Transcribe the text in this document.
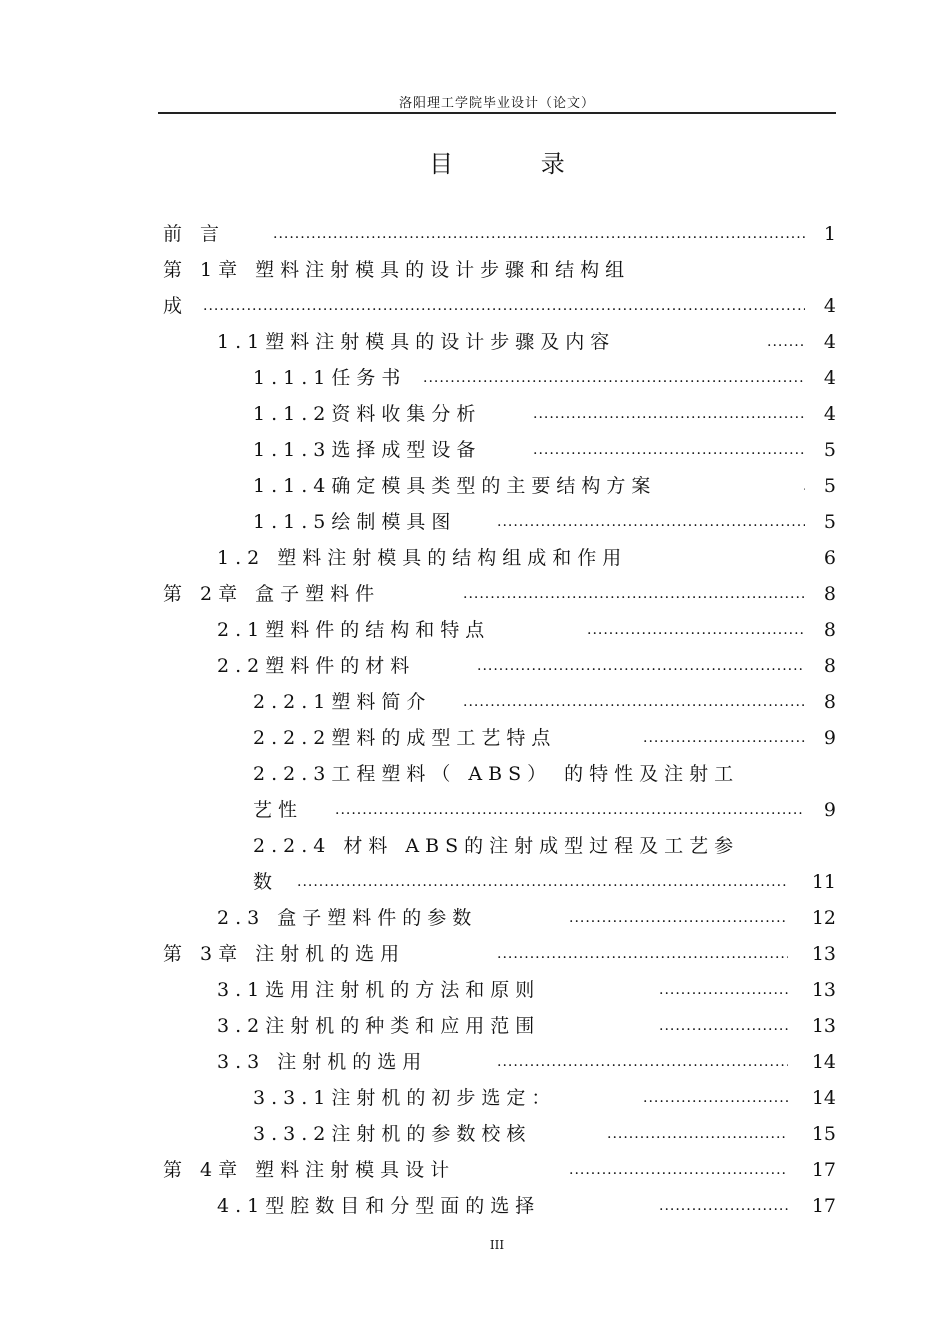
洛阳理工学院毕业设计（论文）
目 录
前 言 .....	1
第 1章 塑料注射模具的设计步骤和结构组
成 .....	4
1.1塑料注射模具的设计步骤及内容 .....	4
1.1.1任务书 .....	4
1.1.2资料收集分析 .....	4
1.1.3选择成型设备 .....	5
1.1.4确定模具类型的主要结构方案 .....	5
1.1.5绘制模具图 .....	5
1.2 塑料注射模具的结构组成和作用	6
第 2章 盒子塑料件 .....	8
2.1塑料件的结构和特点 .....	8
2.2塑料件的材料 .....	8
2.2.1塑料简介 .....	8
2.2.2塑料的成型工艺特点 .....	9
2.2.3工程塑料（ ABS） 的特性及注射工
艺性 .....	9
2.2.4 材料 ABS的注射成型过程及工艺参
数 .....	11
2.3 盒子塑料件的参数 .....	12
第 3章 注射机的选用 .....	13
3.1选用注射机的方法和原则 .....	13
3.2注射机的种类和应用范围 .....	13
3.3 注射机的选用 .....	14
3.3.1注射机的初步选定： .....	14
3.3.2注射机的参数校核 .....	15
第 4章 塑料注射模具设计 .....	17
4.1型腔数目和分型面的选择 .....	17
III
